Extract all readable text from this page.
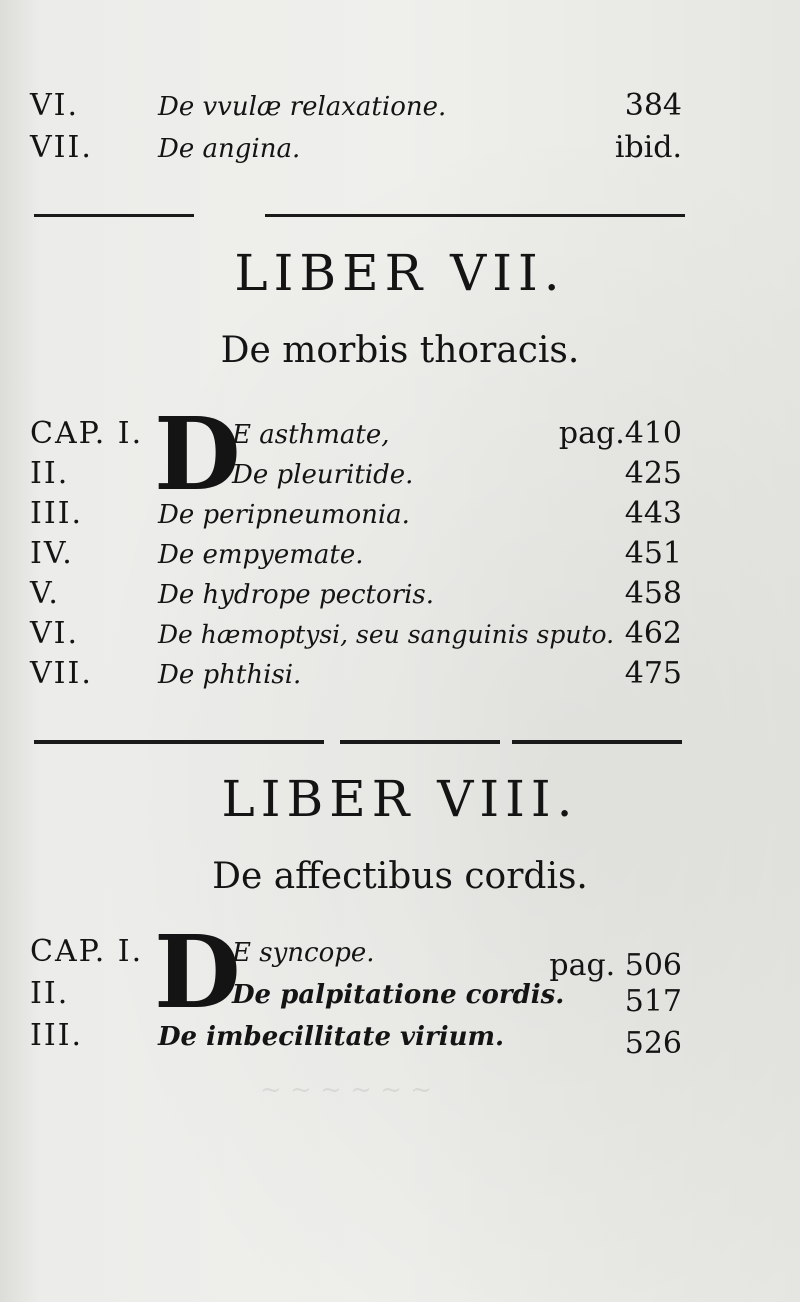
~ ~ ~ ~ ~ ~
VI.	De vvulæ relaxatione.	384
VII.	De angina.	ibid.
LIBER VII.
De morbis thoracis.
D
CAP. I.	E asthmate,	pag.410
II.	De pleuritide.	425
III.	De peripneumonia.	443
IV.	De empyemate.	451
V.	De hydrope pectoris.	458
VI.	De hæmoptysi, seu sanguinis sputo. 462
VII.	De phthisi.	475
LIBER VIII.
De affectibus cordis.
D
CAP. I.	E syncope.	pag. 506
II.	De palpitatione cordis. 517
III.	De imbecillitate virium.	526
